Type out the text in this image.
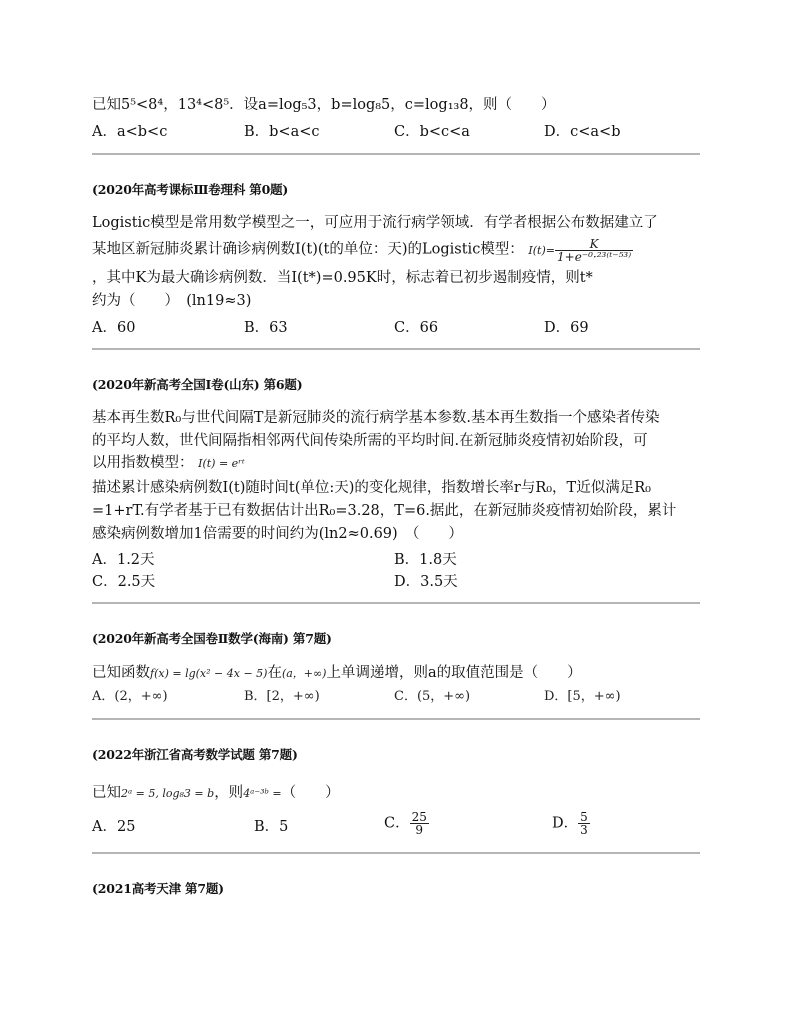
已知5⁵<8⁴，13⁴<8⁵．设a=log₅3，b=log₈5，c=log₁₃8，则（　　）

A．a<b<c	B．b<a<c	C．b<c<a	D．c<a<b
(2020年高考课标Ⅲ卷理科 第0题)
Logistic模型是常用数学模型之一，可应用于流行病学领域．有学者根据公布数据建立了
某地区新冠肺炎累计确诊病例数I(t)(t的单位：天)的Logistic模型： $I(t)= \frac{K}{\text{1+e⁻⁰·²³⁽ᵗ⁻⁵³⁾}}$
，其中K为最大确诊病例数．当I(t*)=0.95K时，标志着已初步遏制疫情，则t*
约为（　　）　(ln19≈3)
A．60	B．63	C．66	D．69
(2020年新高考全国Ⅰ卷(山东) 第6题)
基本再生数R₀与世代间隔T是新冠肺炎的流行病学基本参数.基本再生数指一个感染者传染
的平均人数，世代间隔指相邻两代间传染所需的平均时间.在新冠肺炎疫情初始阶段，可
以用指数模型： I(t) = eʳᵗ
描述累计感染病例数I(t)随时间t(单位:天)的变化规律，指数增长率r与R₀，T近似满足R₀
=1+rT.有学者基于已有数据估计出R₀=3.28，T=6.据此，在新冠肺炎疫情初始阶段，累计
感染病例数增加1倍需要的时间约为(ln2≈0.69)　（　　）
A．1.2天	B．1.8天
C．2.5天	D．3.5天
(2020年新高考全国卷Ⅱ数学(海南) 第7题)
已知函数f(x) = lg(x² − 4x − 5)在(a，+∞)上单调递增，则a的取值范围是（　　）
A．(2，+∞)	B．[2，+∞)	C．(5，+∞)	D．[5，+∞)
(2022年浙江省高考数学试题 第7题)
已知2ᵃ = 5, log₈3 = b，则4ᵃ⁻³ᵇ =（　　）
A．25	B．5	C． $\frac{25}{9}$	D． $\frac{5}{3}$
(2021高考天津 第7题)
